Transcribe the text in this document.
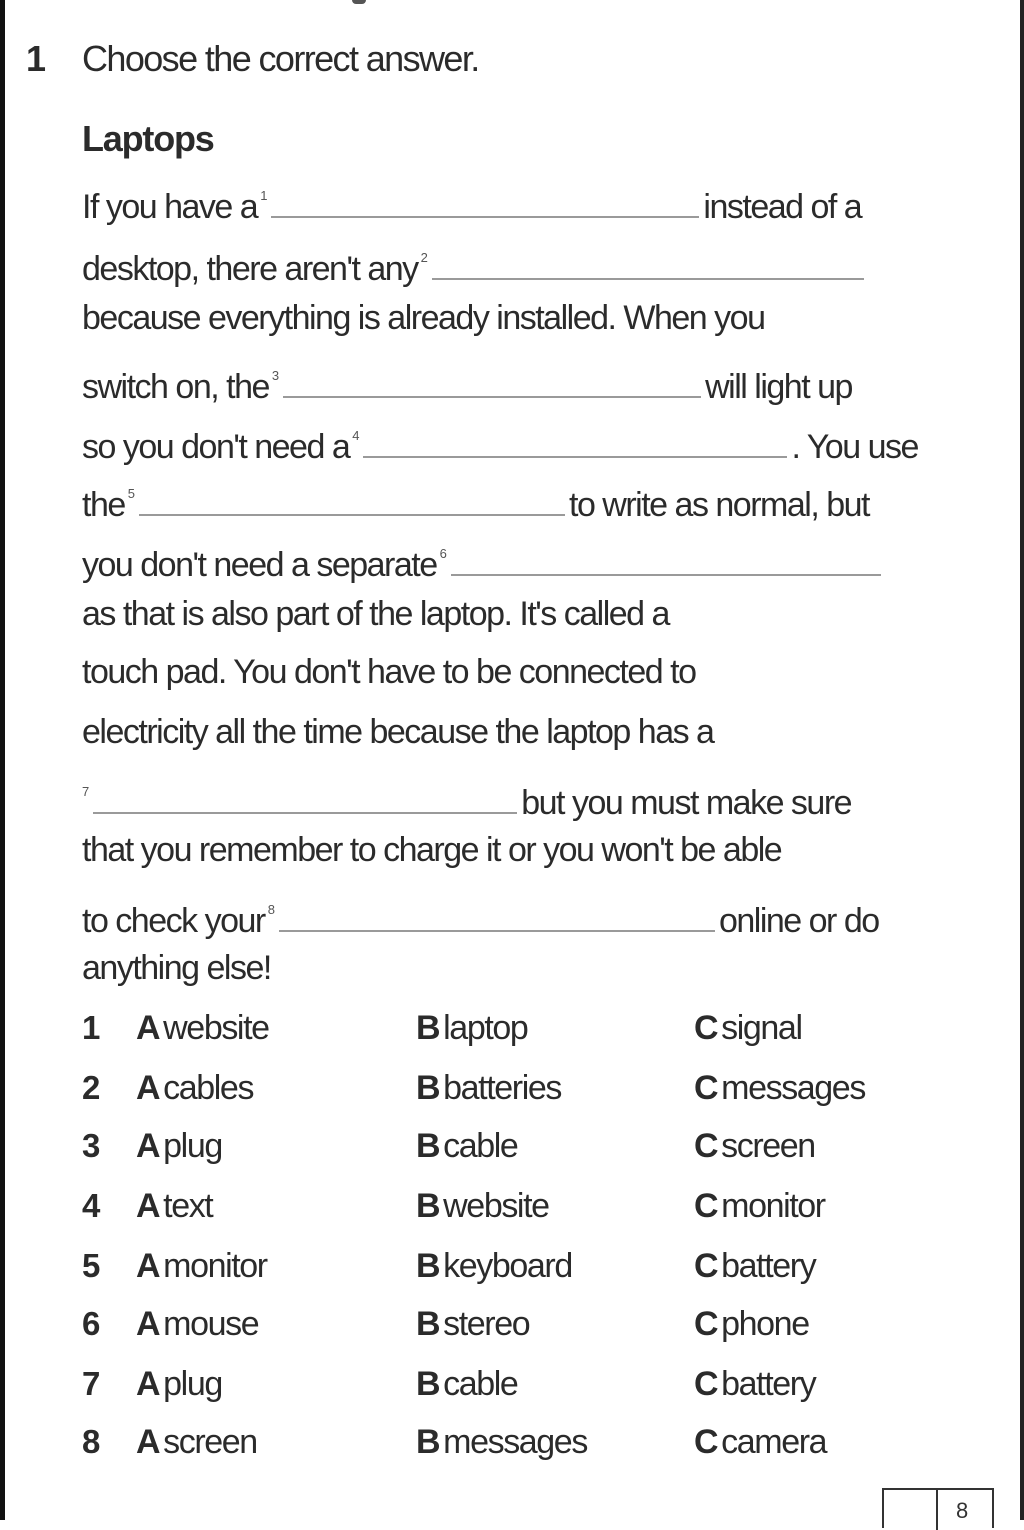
1 Choose the correct answer.
Laptops
If you have a $^1$	instead of a
desktop, there aren't any $^2$
because everything is already installed. When you
switch on, the $^3$	will light up
so you don't need a $^4$	. You use
the $^5$	to write as normal, but
you don't need a separate $^6$
as that is also part of the laptop. It's called a
touch pad. You don't have to be connected to
electricity all the time because the laptop has a
$^7$	but you must make sure
that you remember to charge it or you won't be able
to check your $^8$	online or do
anything else!
1 A website	B laptop	C signal
2 A cables	B batteries	C messages
3 A plug	B cable	C screen
4 A text	B website	C monitor
5 A monitor	B keyboard	C battery
6 A mouse	B stereo	C phone
7 A plug	B cable	C battery
8 A screen	B messages	C camera
8
